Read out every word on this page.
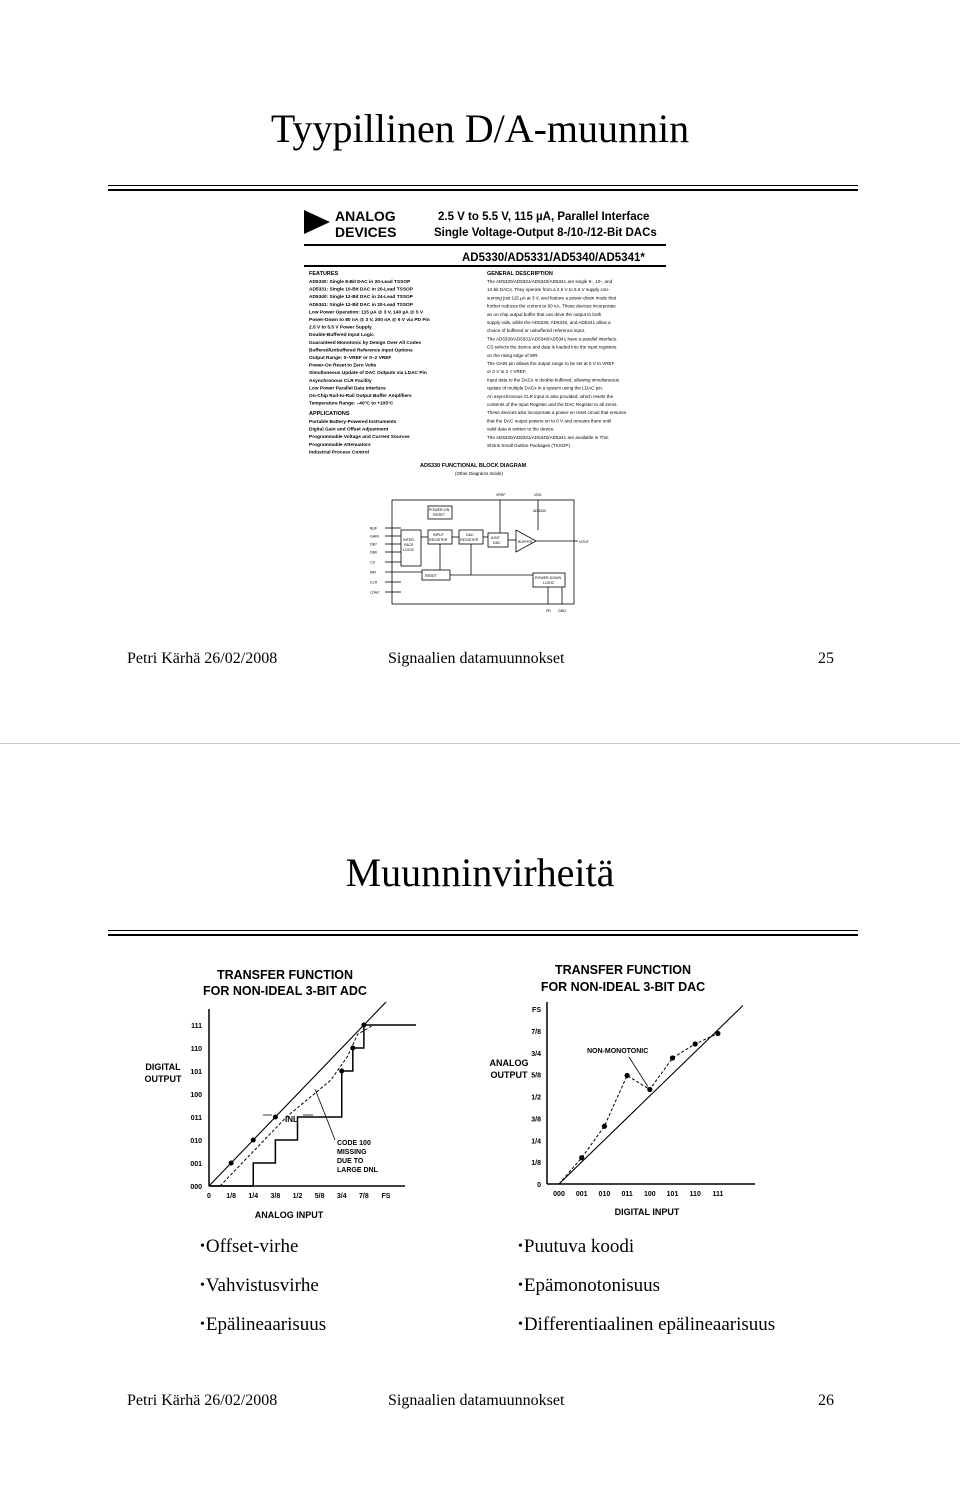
Tyypillinen D/A-muunnin
ANALOG
DEVICES
2.5 V to 5.5 V, 115 µA, Parallel Interface
Single Voltage-Output 8-/10-/12-Bit DACs
AD5330/AD5331/AD5340/AD5341*
FEATURES
AD5330: Single 8-Bit DAC in 20-Lead TSSOP
AD5331: Single 10-Bit DAC in 20-Lead TSSOP
AD5340: Single 12-Bit DAC in 24-Lead TSSOP
AD5341: Single 12-Bit DAC in 20-Lead TSSOP
Low Power Operation: 115 µA @ 3 V, 140 µA @ 5 V
Power-Down to 80 nA @ 3 V, 200 nA @ 5 V via PD Pin
2.5 V to 5.5 V Power Supply
Double-Buffered Input Logic
Guaranteed Monotonic by Design Over All Codes
Buffered/Unbuffered Reference Input Options
Output Range: 0–VREF or 0–2 VREF
Power-On Reset to Zero Volts
Simultaneous Update of DAC Outputs via LDAC Pin
Asynchronous CLR Facility
Low Power Parallel Data Interface
On-Chip Rail-to-Rail Output Buffer Amplifiers
Temperature Range: –40°C to +105°C
APPLICATIONS
Portable Battery-Powered Instruments
Digital Gain and Offset Adjustment
Programmable Voltage and Current Sources
Programmable Attenuators
Industrial Process Control
GENERAL DESCRIPTION
The AD5330/AD5331/AD5340/AD5341 are single 8-, 10-, and
12-bit DACs. They operate from a 2.5 V to 5.5 V supply con-
suming just 115 µA at 3 V, and feature a power-down mode that
further reduces the current to 80 nA. These devices incorporate
an on-chip output buffer that can drive the output to both
supply rails, while the AD5330, AD5340, and AD5341 allow a
choice of buffered or unbuffered reference input.
The AD5330/AD5331/AD5340/AD5341 have a parallel interface.
CS selects the device and data is loaded into the input registers
on the rising edge of WR.
The GAIN pin allows the output range to be set at 0 V to VREF
or 0 V to 2 × VREF.
Input data to the DACs is double-buffered, allowing simultaneous
update of multiple DACs in a system using the LDAC pin.
An asynchronous CLR input is also provided, which resets the
contents of the Input Register and the DAC Register to all zeros.
These devices also incorporate a power-on reset circuit that ensures
that the DAC output powers on to 0 V and remains there until
valid data is written to the device.
The AD5330/AD5331/AD5340/AD5341 are available in Thin
Shrink Small Outline Packages (TSSOP).
AD5330 FUNCTIONAL BLOCK DIAGRAM
(Other Diagrams Inside)
POWER-ON
RESET
INTER-
FACE
LOGIC
INPUT
REGISTER
DAC
REGISTER	8-BIT
DAC	BUFFER
RESET	POWER-DOWN
LOGIC
AD5330
VREF	VDD
VOUT
PD GND
BUF
GAIN
DB7
DB0
CS
WR
CLR
LDAC
Petri Kärhä 26/02/2008	Signaalien datamuunnokset	25
Muunninvirheitä
TRANSFER FUNCTION
FOR NON-IDEAL 3-BIT ADC
DIGITAL
OUTPUT
ANALOG INPUT
000
001
010
011
100
101
110
111
0 1/8 1/4 3/8 1/2 5/8 3/4 7/8 FS
INL
CODE 100
MISSING
DUE TO
LARGE DNL
TRANSFER FUNCTION
FOR NON-IDEAL 3-BIT DAC
ANALOG
OUTPUT
DIGITAL INPUT
1/8
1/4
3/8
1/2
5/8
3/4
7/8
FS
0
000 001 010 011 100 101 110 111
NON-MONOTONIC
• Offset-virhe
• Vahvistusvirhe
• Epälineaarisuus
• Puutuva koodi
• Epämonotonisuus
• Differentiaalinen epälineaarisuus
Petri Kärhä 26/02/2008	Signaalien datamuunnokset	26
